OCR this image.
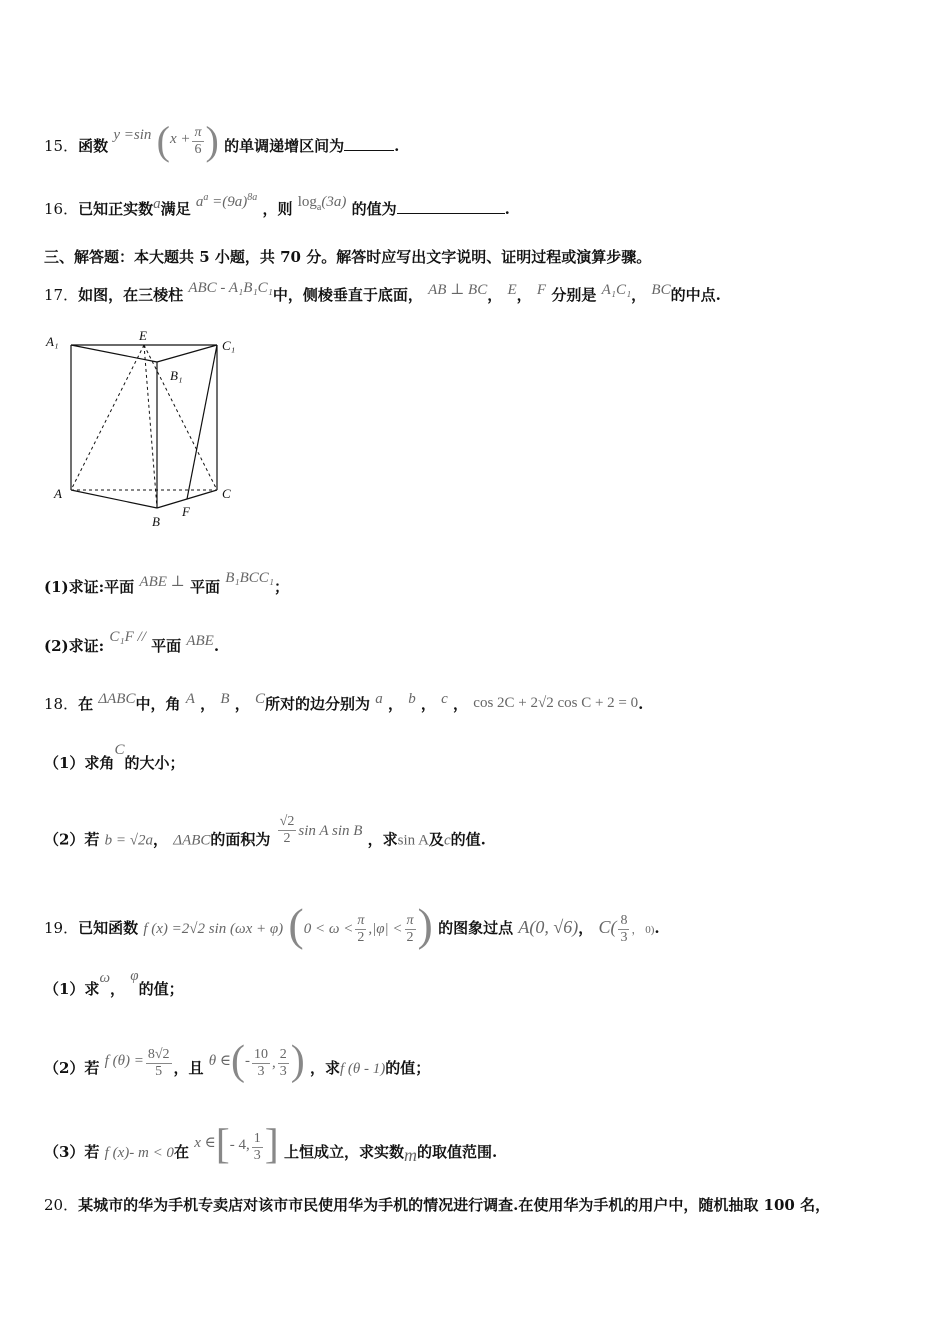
15．函数 y =sin ($x + \frac{\pi}{6}$ ) 的单调递增区间为	.
16．已知正实数a满足 $a^a =(9a)^{8a}$ ，则 $\log_a(3a)$ 的值为	.
三、解答题：本大题共 5 小题，共 70 分。解答时应写出文字说明、证明过程或演算步骤。
17．如图，在三棱柱 ABC - A₁B₁C₁中，侧棱垂直于底面， AB ⊥ BC， E， F 分别是 A₁C₁， BC的中点.
A₁	E
C₁
B₁
A	C
B
F
(1)求证:平面 ABE ⊥ 平面 B₁BCC₁；
(2)求证: C₁F // 平面 ABE.
18．在 ΔABC中，角 A ， B ， C所对的边分别为 a ， b ， c ， cos 2C + 2√2 cos C + 2 = 0.
（1）求角C的大小；
（2）若 b = √2a， ΔABC的面积为 $\frac{√2}{2}$ sin A sin B ，求sin A及c的值.
19．已知函数 f (x) =2√2 sin (ωx + φ) ($0 < \omega < \frac{\pi}{2} ,|\varphi| < \frac{\pi}{2}$ ) 的图象过点 A(0, √6)， $C( \frac{8}{3}$ ， 0).
（1）求ω， φ的值；
（2）若 f $(\theta) = \frac{8√2}{5}$ ，且 θ ∈(- $\frac{10}{3}$ , $\frac{2}{3}$ ) ，求f (θ - 1)的值；
（3）若 f (x)- m < 0在 x ∈[- 4, $\frac{1}{3}$ ] 上恒成立，求实数m的取值范围.
20．某城市的华为手机专卖店对该市市民使用华为手机的情况进行调查.在使用华为手机的用户中，随机抽取 100 名，
